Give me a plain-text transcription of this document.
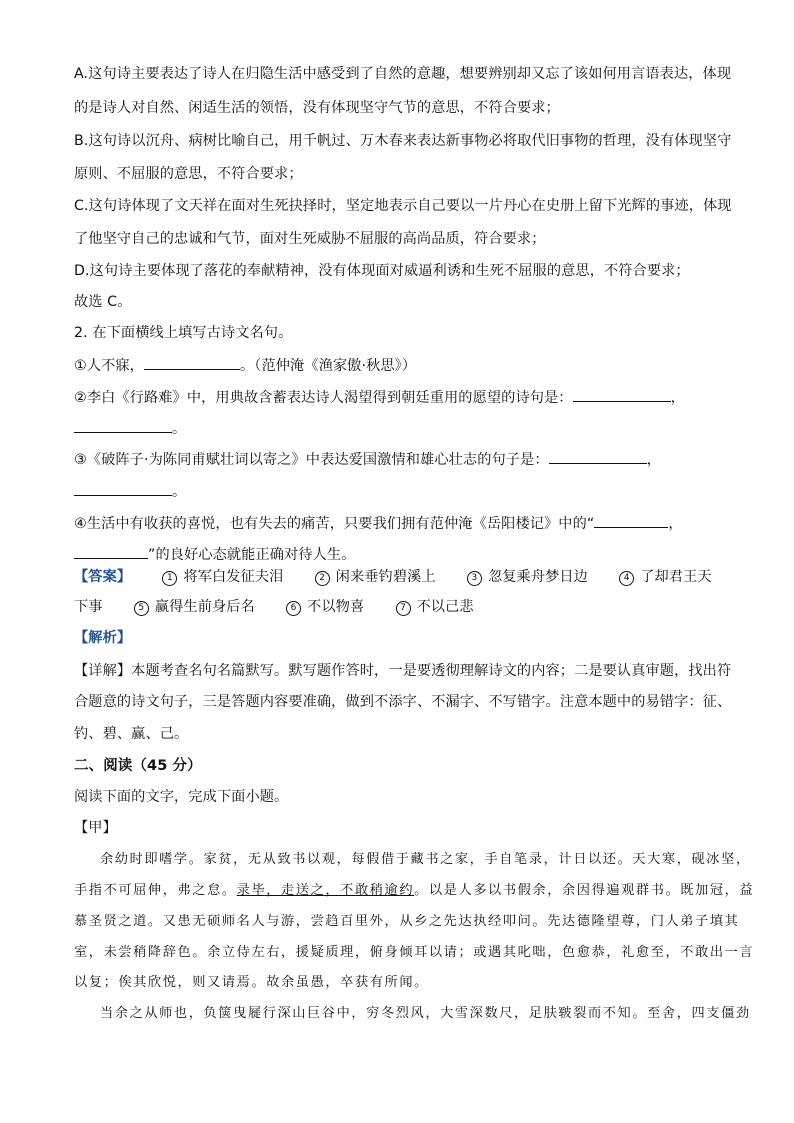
A.这句诗主要表达了诗人在归隐生活中感受到了自然的意趣，想要辨别却又忘了该如何用言语表达，体现
的是诗人对自然、闲适生活的领悟，没有体现坚守气节的意思，不符合要求；
B.这句诗以沉舟、病树比喻自己，用千帆过、万木春来表达新事物必将取代旧事物的哲理，没有体现坚守
原则、不屈服的意思，不符合要求；
C.这句诗体现了文天祥在面对生死抉择时，坚定地表示自己要以一片丹心在史册上留下光辉的事迹，体现
了他坚守自己的忠诚和气节，面对生死威胁不屈服的高尚品质，符合要求；
D.这句诗主要体现了落花的奉献精神，没有体现面对威逼利诱和生死不屈服的意思，不符合要求；
故选 C。
2. 在下面横线上填写古诗文名句。
①人不寐，	。（范仲淹《渔家傲·秋思》）
②李白《行路难》中，用典故含蓄表达诗人渴望得到朝廷重用的愿望的诗句是：	，
。
③《破阵子·为陈同甫赋壮词以寄之》中表达爱国激情和雄心壮志的句子是：	，
。
④生活中有收获的喜悦，也有失去的痛苦，只要我们拥有范仲淹《岳阳楼记》中的“	，
”的良好心态就能正确对待人生。
【答案】	1 将军白发征夫泪	2 闲来垂钓碧溪上	3 忽复乘舟梦日边	4 了却君王天
下事	5 赢得生前身后名	6 不以物喜	7 不以己悲
【解析】
【详解】本题考查名句名篇默写。默写题作答时，一是要透彻理解诗文的内容；二是要认真审题，找出符
合题意的诗文句子，三是答题内容要准确，做到不添字、不漏字、不写错字。注意本题中的易错字：征、
钓、碧、赢、己。
二、阅读（45 分）
阅读下面的文字，完成下面小题。
【甲】
余幼时即嗜学。家贫，无从致书以观，每假借于藏书之家，手自笔录，计日以还。天大寒，砚冰坚，
手指不可屈伸，弗之怠。录毕，走送之，不敢稍逾约。以是人多以书假余，余因得遍观群书。既加冠，益
慕圣贤之道。又患无硕师名人与游，尝趋百里外，从乡之先达执经叩问。先达德隆望尊，门人弟子填其
室，未尝稍降辞色。余立侍左右，援疑质理，俯身倾耳以请；或遇其叱咄，色愈恭，礼愈至，不敢出一言
以复；俟其欣悦，则又请焉。故余虽愚，卒获有所闻。
当余之从师也，负箧曳屣行深山巨谷中，穷冬烈风，大雪深数尺，足肤皲裂而不知。至舍，四支僵劲
